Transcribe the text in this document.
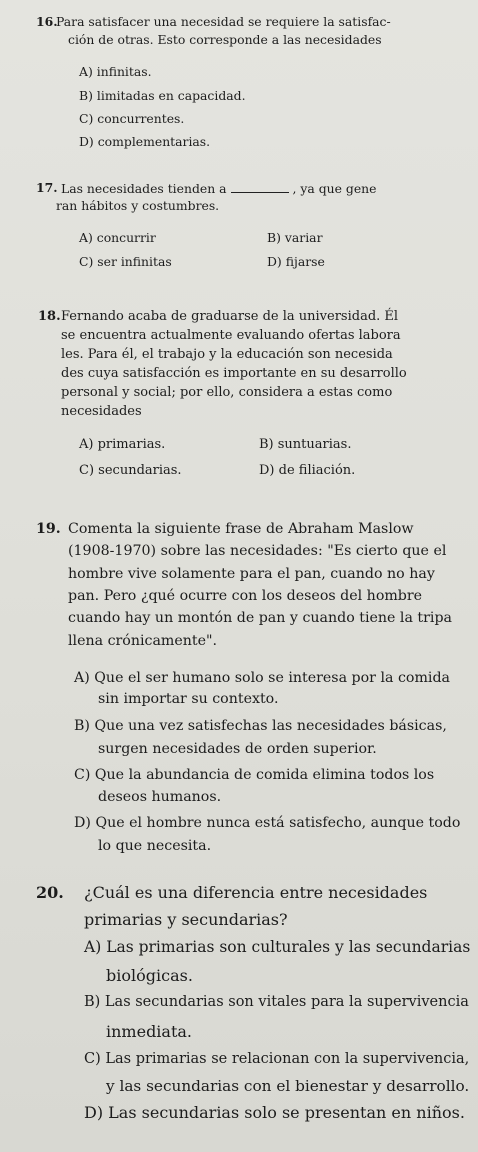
16.
Para satisfacer una necesidad se requiere la satisfac-
ción de otras. Esto corresponde a las necesidades
A) infinitas.
B) limitadas en capacidad.
C) concurrentes.
D) complementarias.
17. Las necesidades tienden a	, ya que gene
ran hábitos y costumbres.
A) concurrir	B) variar
C) ser infinitas	D) fijarse
18. Fernando acaba de graduarse de la universidad. Él
se encuentra actualmente evaluando ofertas labora
les. Para él, el trabajo y la educación son necesida
des cuya satisfacción es importante en su desarrollo
personal y social; por ello, considera a estas como
necesidades
A) primarias.	B) suntuarias.
C) secundarias.	D) de filiación.
19. Comenta la siguiente frase de Abraham Maslow
(1908-1970) sobre las necesidades: "Es cierto que el
hombre vive solamente para el pan, cuando no hay
pan. Pero ¿qué ocurre con los deseos del hombre
cuando hay un montón de pan y cuando tiene la tripa
llena crónicamente".
A) Que el ser humano solo se interesa por la comida
sin importar su contexto.
B) Que una vez satisfechas las necesidades básicas,
surgen necesidades de orden superior.
C) Que la abundancia de comida elimina todos los
deseos humanos.
D) Que el hombre nunca está satisfecho, aunque todo
lo que necesita.
20. ¿Cuál es una diferencia entre necesidades
primarias y secundarias?
A) Las primarias son culturales y las secundarias
biológicas.
B) Las secundarias son vitales para la supervivencia
inmediata.
C) Las primarias se relacionan con la supervivencia,
y las secundarias con el bienestar y desarrollo.
D) Las secundarias solo se presentan en niños.
